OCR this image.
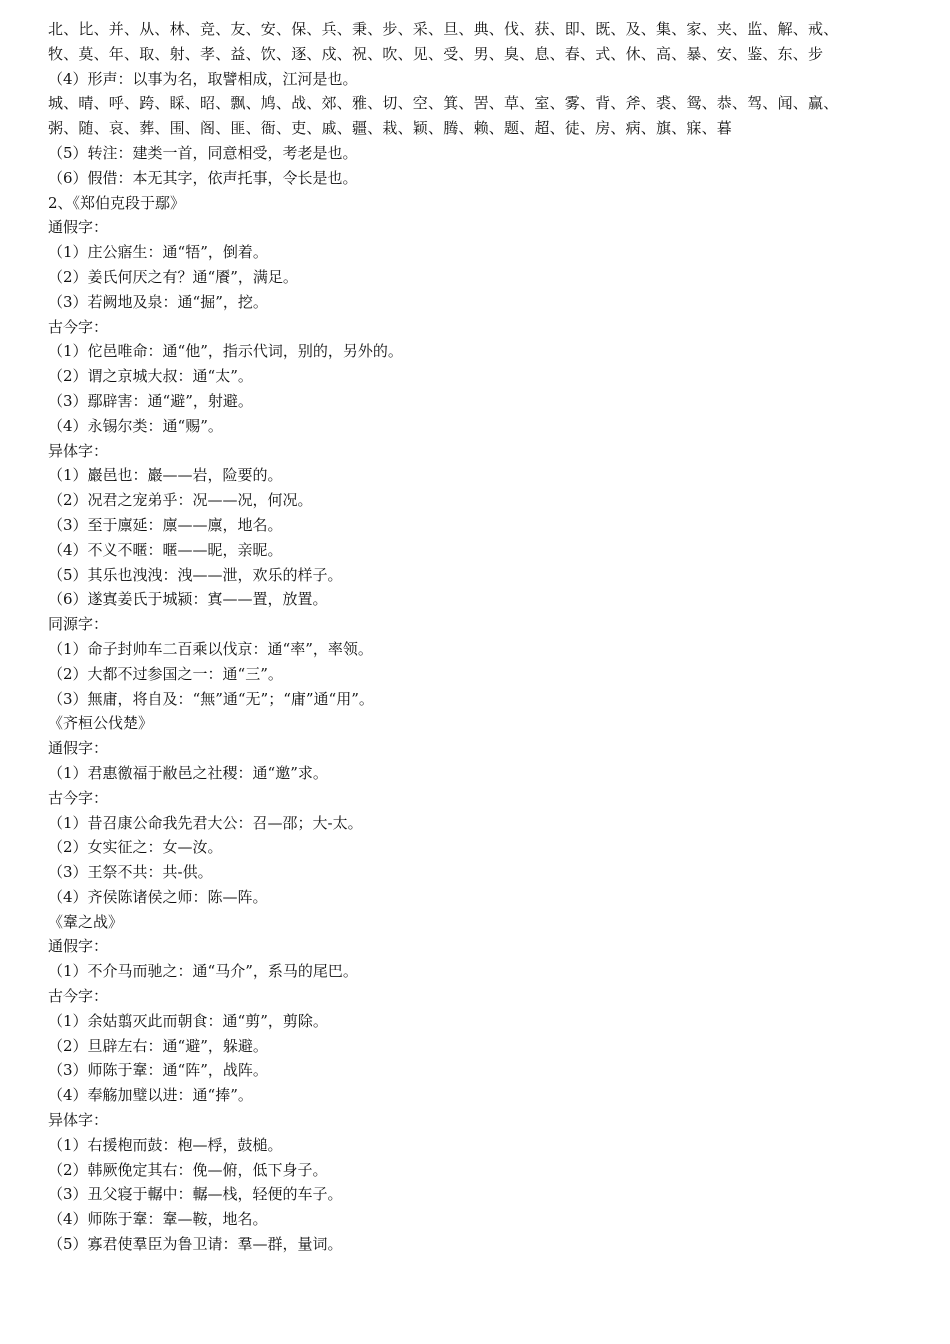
北、比、并、从、林、竞、友、安、保、兵、秉、步、采、旦、典、伐、获、即、既、及、集、家、夹、监、解、戒、
牧、莫、年、取、射、孝、益、饮、逐、戍、祝、吹、见、受、男、臭、息、春、式、休、高、暴、安、鉴、东、步
（4）形声：以事为名，取譬相成，江河是也。
城、晴、呼、跨、睬、昭、飘、鸠、战、郊、雅、切、空、箕、罟、草、室、雾、背、斧、裘、鸳、恭、驾、闻、赢、
粥、随、哀、葬、围、阁、匪、衙、吏、戚、疆、栽、颖、腾、赖、题、超、徒、房、病、旗、寐、暮
（5）转注：建类一首，同意相受，考老是也。
（6）假借：本无其字，依声托事，令长是也。
2、《郑伯克段于鄢》
通假字：
（1）庄公寤生：通“牾”，倒着。
（2）姜氏何厌之有？通“餍”，满足。
（3）若阙地及泉：通“掘”，挖。
古今字：
（1）佗邑唯命：通“他”，指示代词，别的，另外的。
（2）谓之京城大叔：通“太”。
（3）鄢辟害：通“避”，射避。
（4）永锡尔类：通“赐”。
异体字：
（1）巖邑也：巖——岩，险要的。
（2）况君之宠弟乎：况——况，何况。
（3）至于廪延：廪——廪，地名。
（4）不义不暱：暱——昵，亲昵。
（5）其乐也洩洩：洩——泄，欢乐的样子。
（6）遂寘姜氏于城颍：寘——置，放置。
同源字：
（1）命子封帅车二百乘以伐京：通“率”，率领。
（2）大都不过参国之一：通“三”。
（3）無庸，将自及：“無”通“无”；“庸”通“用”。
《齐桓公伐楚》
通假字：
（1）君惠徼福于敝邑之社稷：通“邀”求。
古今字：
（1）昔召康公命我先君大公：召—邵；大-太。
（2）女实征之：女—汝。
（3）王祭不共：共-供。
（4）齐侯陈诸侯之师：陈—阵。
《鞌之战》
通假字：
（1）不介马而驰之：通“马介”，系马的尾巴。
古今字：
（1）余姑翦灭此而朝食：通“剪”，剪除。
（2）旦辟左右：通“避”，躲避。
（3）师陈于鞌：通“阵”，战阵。
（4）奉觞加璧以进：通“捧”。
异体字：
（1）右援枹而鼓：枹—桴，鼓槌。
（2）韩厥俛定其右：俛—俯，低下身子。
（3）丑父寝于轏中：轏—栈，轻便的车子。
（4）师陈于鞌：鞌—鞍，地名。
（5）寡君使羣臣为鲁卫请：羣—群，量词。
